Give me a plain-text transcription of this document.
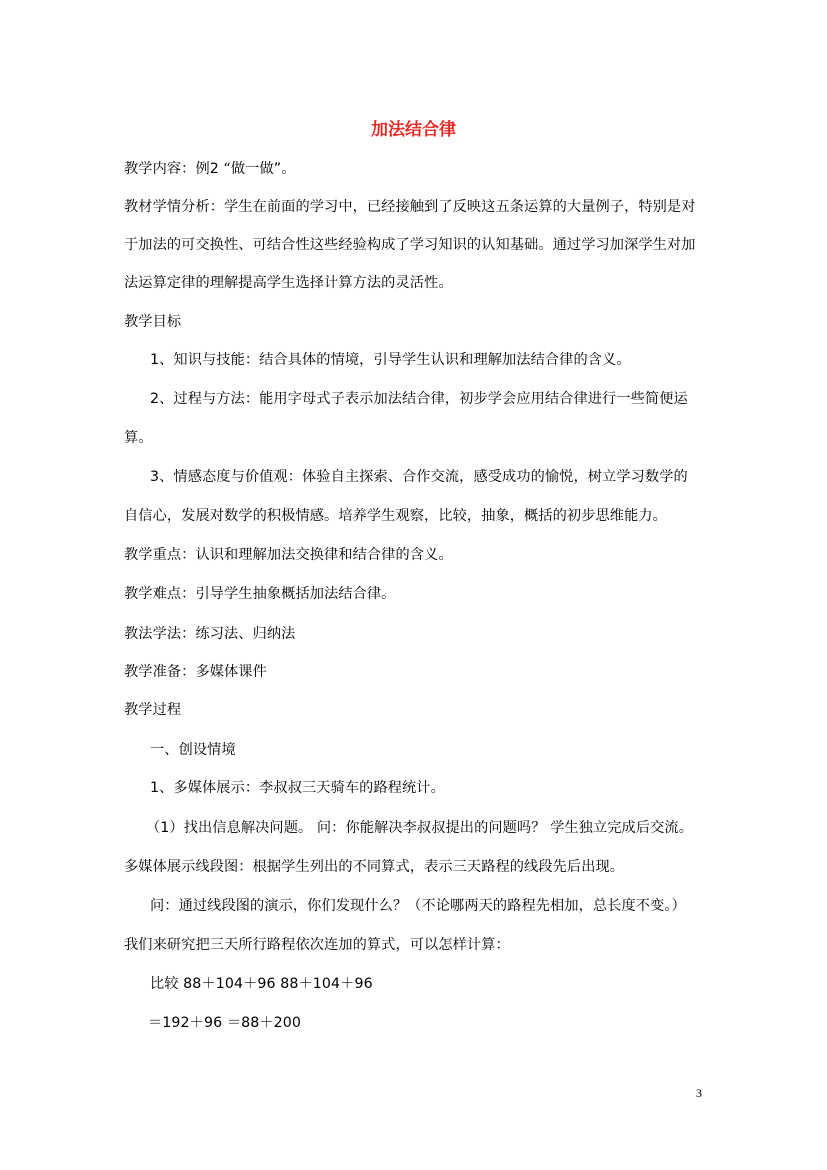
加法结合律
教学内容：例2 “做一做”。
教材学情分析：学生在前面的学习中，已经接触到了反映这五条运算的大量例子，特别是对
于加法的可交换性、可结合性这些经验构成了学习知识的认知基础。通过学习加深学生对加
法运算定律的理解提高学生选择计算方法的灵活性。
教学目标
1、知识与技能：结合具体的情境，引导学生认识和理解加法结合律的含义。
2、过程与方法：能用字母式子表示加法结合律，初步学会应用结合律进行一些简便运
算。
3、情感态度与价值观：体验自主探索、合作交流，感受成功的愉悦，树立学习数学的
自信心，发展对数学的积极情感。培养学生观察，比较，抽象，概括的初步思维能力。
教学重点：认识和理解加法交换律和结合律的含义。
教学难点：引导学生抽象概括加法结合律。
教法学法：练习法、归纳法
教学准备：多媒体课件
教学过程
一、创设情境
1、多媒体展示：李叔叔三天骑车的路程统计。
（1）找出信息解决问题。 问：你能解决李叔叔提出的问题吗？ 学生独立完成后交流。
多媒体展示线段图：根据学生列出的不同算式，表示三天路程的线段先后出现。
问：通过线段图的演示，你们发现什么？（不论哪两天的路程先相加，总长度不变。）
我们来研究把三天所行路程依次连加的算式，可以怎样计算：
比较 88＋104＋96 88＋104＋96
＝192＋96 ＝88＋200
3
